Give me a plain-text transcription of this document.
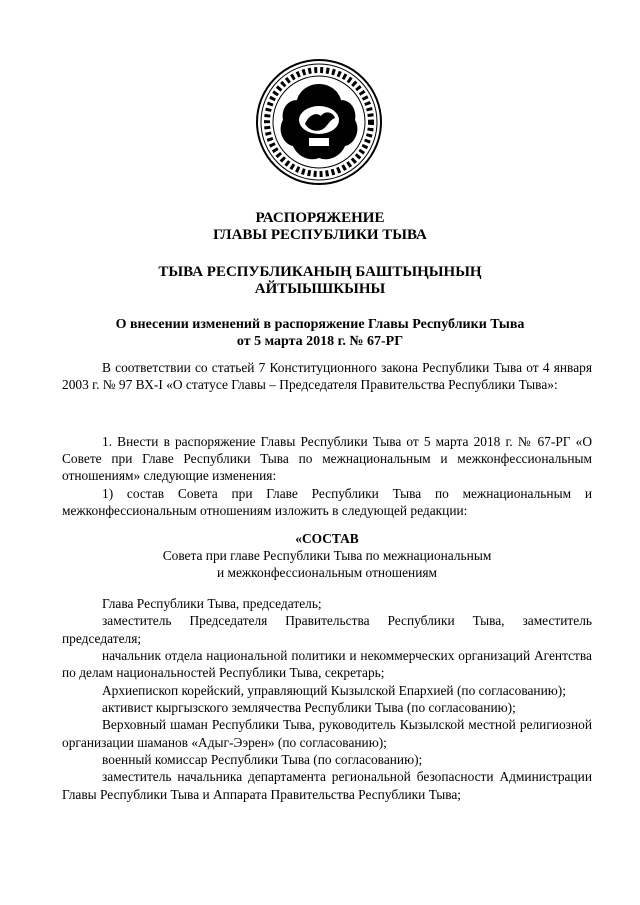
РАСПОРЯЖЕНИЕ
ГЛАВЫ РЕСПУБЛИКИ ТЫВА
ТЫВА РЕСПУБЛИКАНЫҢ БАШТЫҢЫНЫҢ
АЙТЫЫШКЫНЫ
О внесении изменений в распоряжение Главы Республики Тыва
от 5 марта 2018 г. № 67-РГ

В соответствии со статьей 7 Конституционного закона Республики Тыва от 4 января 2003 г. № 97 ВХ-I «О статусе Главы – Председателя Правительства Республики Тыва»:

1. Внести в распоряжение Главы Республики Тыва от 5 марта 2018 г. № 67-РГ «О Совете при Главе Республики Тыва по межнациональным и межконфессиональным отношениям» следующие изменения:

1) состав Совета при Главе Республики Тыва по межнациональным и межконфессиональным отношениям изложить в следующей редакции:

«СОСТАВ
Совета при главе Республики Тыва по межнациональным
и межконфессиональным отношениям

Глава Республики Тыва, председатель;

заместитель Председателя Правительства Республики Тыва, заместитель председателя;

начальник отдела национальной политики и некоммерческих организаций Агентства по делам национальностей Республики Тыва, секретарь;

Архиепископ корейский, управляющий Кызылской Епархией (по согласованию);

активист кыргызского землячества Республики Тыва (по согласованию);

Верховный шаман Республики Тыва, руководитель Кызылской местной религиозной организации шаманов «Адыг-Ээрен» (по согласованию);

военный комиссар Республики Тыва (по согласованию);

заместитель начальника департамента региональной безопасности Администрации Главы Республики Тыва и Аппарата Правительства Республики Тыва;
